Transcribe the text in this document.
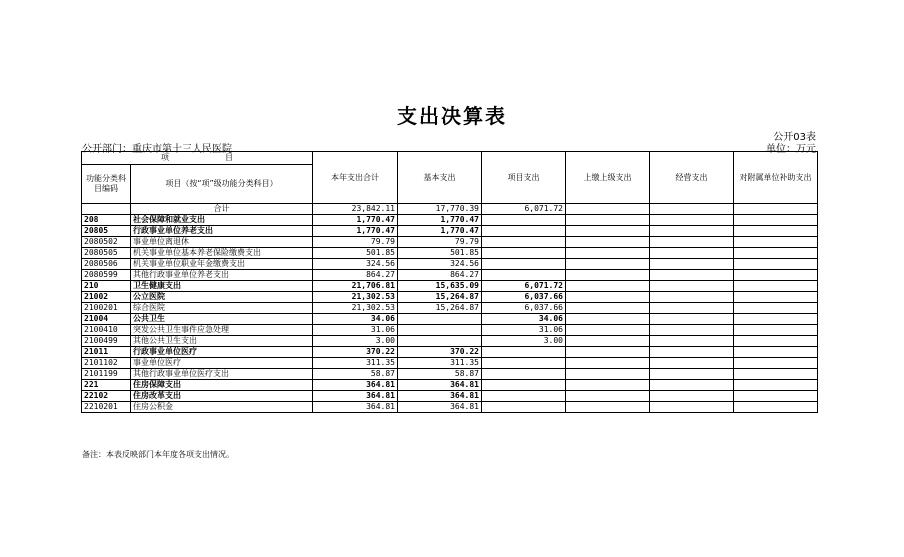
支出决算表
公开03表
公开部门：重庆市第十三人民医院	单位：万元
项　　　　　　　目		本年支出合计	基本支出	项目支出	上缴上级支出	经营支出	对附属单位补助支出
功能分类科目编码	项目（按“项”级功能分类科目）						
	合计	23,842.11	17,770.39	6,071.72			
208	社会保障和就业支出	1,770.47	1,770.47				
20805	行政事业单位养老支出	1,770.47	1,770.47				
2080502	事业单位离退休	79.79	79.79				
2080505	机关事业单位基本养老保险缴费支出	501.85	501.85				
2080506	机关事业单位职业年金缴费支出	324.56	324.56				
2080599	其他行政事业单位养老支出	864.27	864.27				
210	卫生健康支出	21,706.81	15,635.09	6,071.72			
21002	公立医院	21,302.53	15,264.87	6,037.66			
2100201	综合医院	21,302.53	15,264.87	6,037.66			
21004	公共卫生	34.06		34.06			
2100410	突发公共卫生事件应急处理	31.06		31.06			
2100499	其他公共卫生支出	3.00		3.00			
21011	行政事业单位医疗	370.22	370.22				
2101102	事业单位医疗	311.35	311.35				
2101199	其他行政事业单位医疗支出	58.87	58.87				
221	住房保障支出	364.81	364.81				
22102	住房改革支出	364.81	364.81				
2210201	住房公积金	364.81	364.81				
备注：本表反映部门本年度各项支出情况。
